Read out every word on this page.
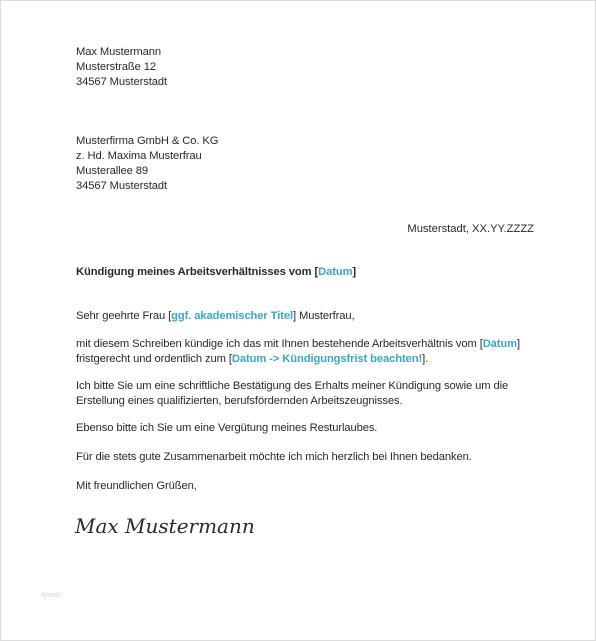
Max Mustermann
Musterstraße 12
34567 Musterstadt
Musterfirma GmbH & Co. KG
z. Hd. Maxima Musterfrau
Musterallee 89
34567 Musterstadt
Musterstadt, XX.YY.ZZZZ
Kündigung meines Arbeitsverhältnisses vom [Datum]
Sehr geehrte Frau [ggf. akademischer Titel] Musterfrau,
mit diesem Schreiben kündige ich das mit Ihnen bestehende Arbeitsverhältnis vom [Datum]
fristgerecht und ordentlich zum [Datum -> Kündigungsfrist beachten!].
Ich bitte Sie um eine schriftliche Bestätigung des Erhalts meiner Kündigung sowie um die
Erstellung eines qualifizierten, berufsfördernden Arbeitszeugnisses.
Ebenso bitte ich Sie um eine Vergütung meines Resturlaubes.
Für die stets gute Zusammenarbeit möchte ich mich herzlich bei Ihnen bedanken.
Mit freundlichen Grüßen,
Max Mustermann
itywab
